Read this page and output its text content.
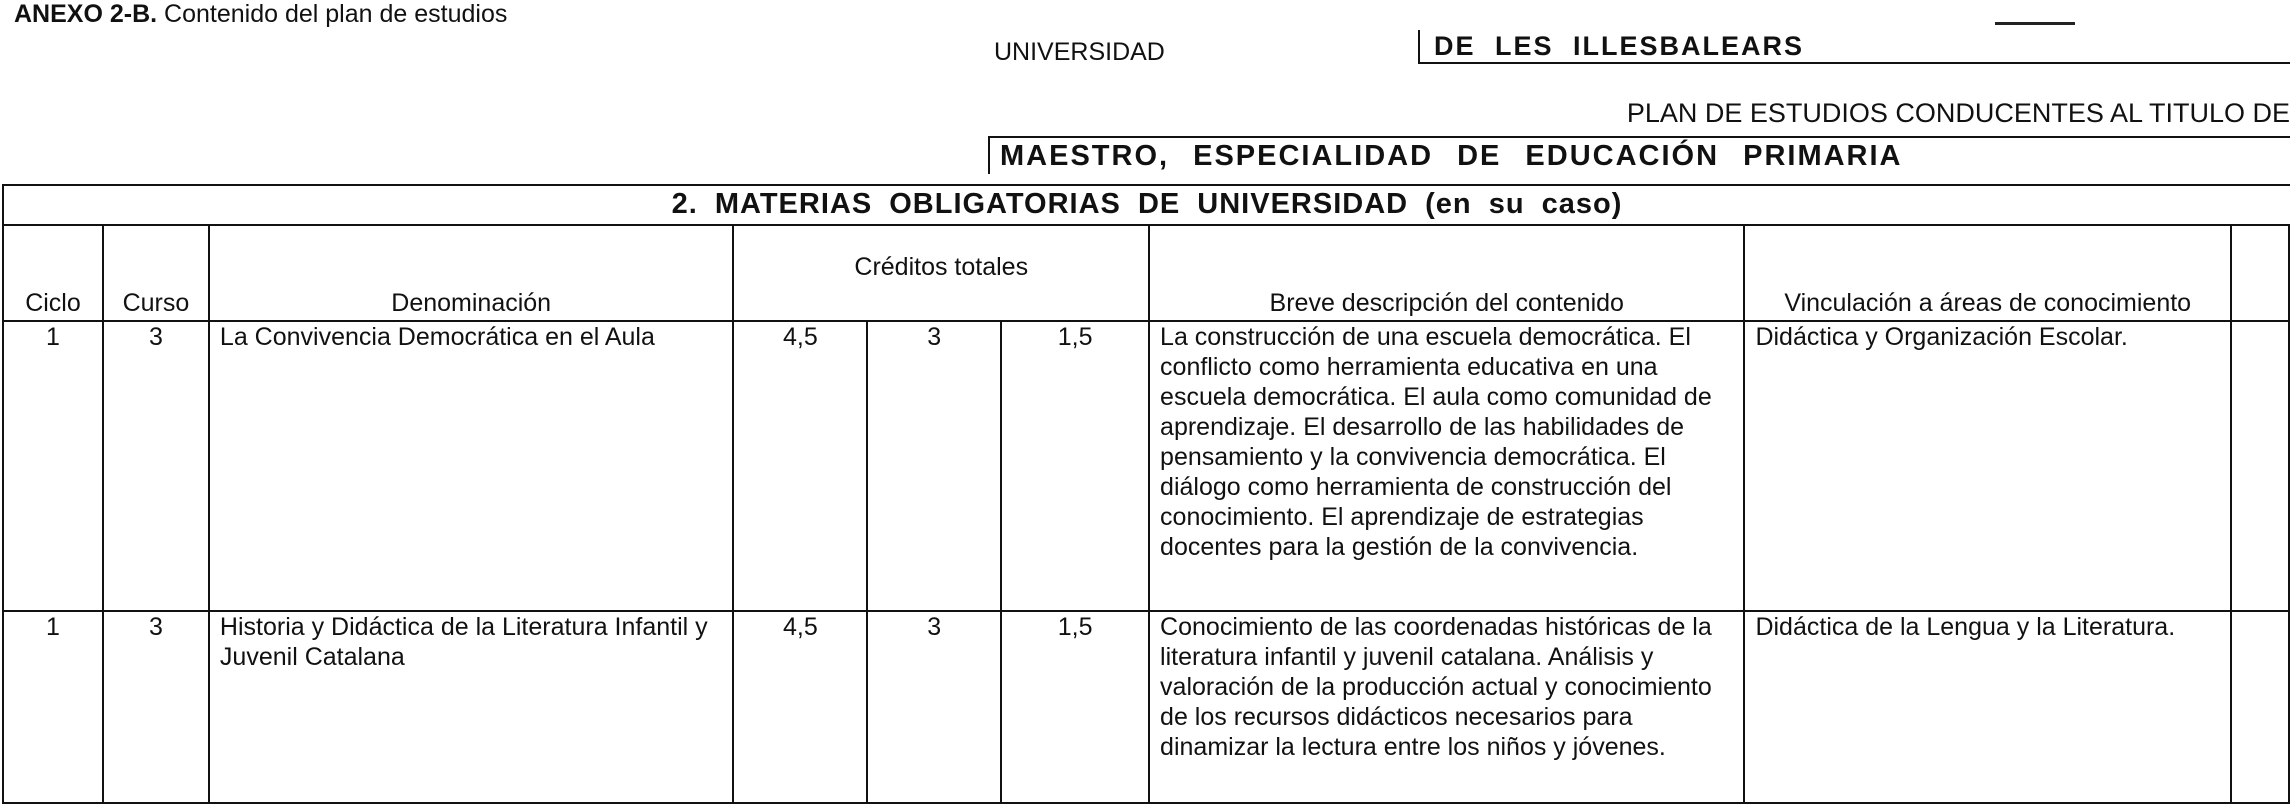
ANEXO 2-B. Contenido del plan de estudios
UNIVERSIDAD	DE LES ILLESBALEARS
PLAN DE ESTUDIOS CONDUCENTES AL TITULO DE
MAESTRO, ESPECIALIDAD DE EDUCACIÓN PRIMARIA
2. MATERIAS OBLIGATORIAS DE UNIVERSIDAD (en su caso)
Ciclo	Curso	Denominación	Créditos totales			Breve descripción del contenido	Vinculación a áreas de conocimiento	
1	3	La Convivencia Democrática en el Aula	4,5	3	1,5	La construcción de una escuela democrática. El conflicto como herramienta educativa en una escuela democrática. El aula como comunidad de aprendizaje. El desarrollo de las habilidades de pensamiento y la convivencia democrática. El diálogo como herramienta de construcción del conocimiento. El aprendizaje de estrategias docentes para la gestión de la convivencia.	Didáctica y Organización Escolar.	
1	3	Historia y Didáctica de la Literatura Infantil y Juvenil Catalana	4,5	3	1,5	Conocimiento de las coordenadas históricas de la literatura infantil y juvenil catalana. Análisis y valoración de la producción actual y conocimiento de los recursos didácticos necesarios para dinamizar la lectura entre los niños y jóvenes.	Didáctica de la Lengua y la Literatura.	
